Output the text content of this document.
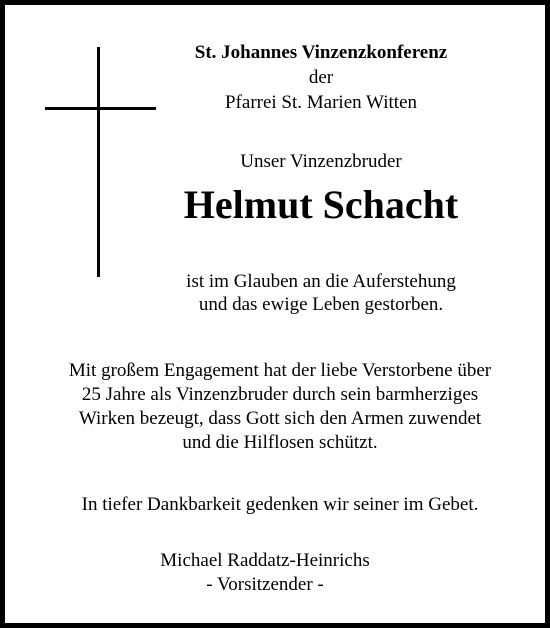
St. Johannes Vinzenzkonferenz
der
Pfarrei St. Marien Witten
Unser Vinzenzbruder
Helmut Schacht
ist im Glauben an die Auferstehung
und das ewige Leben gestorben.
Mit großem Engagement hat der liebe Verstorbene über
25 Jahre als Vinzenzbruder durch sein barmherziges
Wirken bezeugt, dass Gott sich den Armen zuwendet
und die Hilflosen schützt.
In tiefer Dankbarkeit gedenken wir seiner im Gebet.
Michael Raddatz-Heinrichs
- Vorsitzender -
